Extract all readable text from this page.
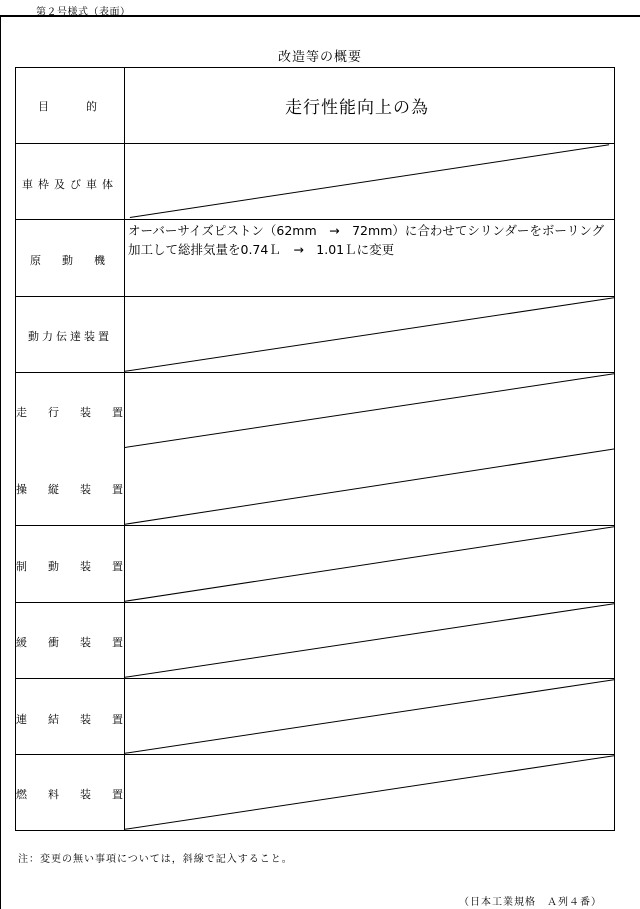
第２号様式（表面）
改造等の概要
目　　的	走行性能向上の為

車枠及び車体

原　動　機	オーバーサイズピストン（62mm　→　72mm）に合わせてシリンダーをボーリング加工して総排気量を0.74Ｌ　→　1.01Ｌに変更

動力伝達装置

走　行　装　置
操　縦　装　置

制　動　装　置

緩　衝　装　置

連　結　装　置

燃　料　装　置

注：変更の無い事項については，斜線で記入すること。
（日本工業規格　Ａ列４番）
